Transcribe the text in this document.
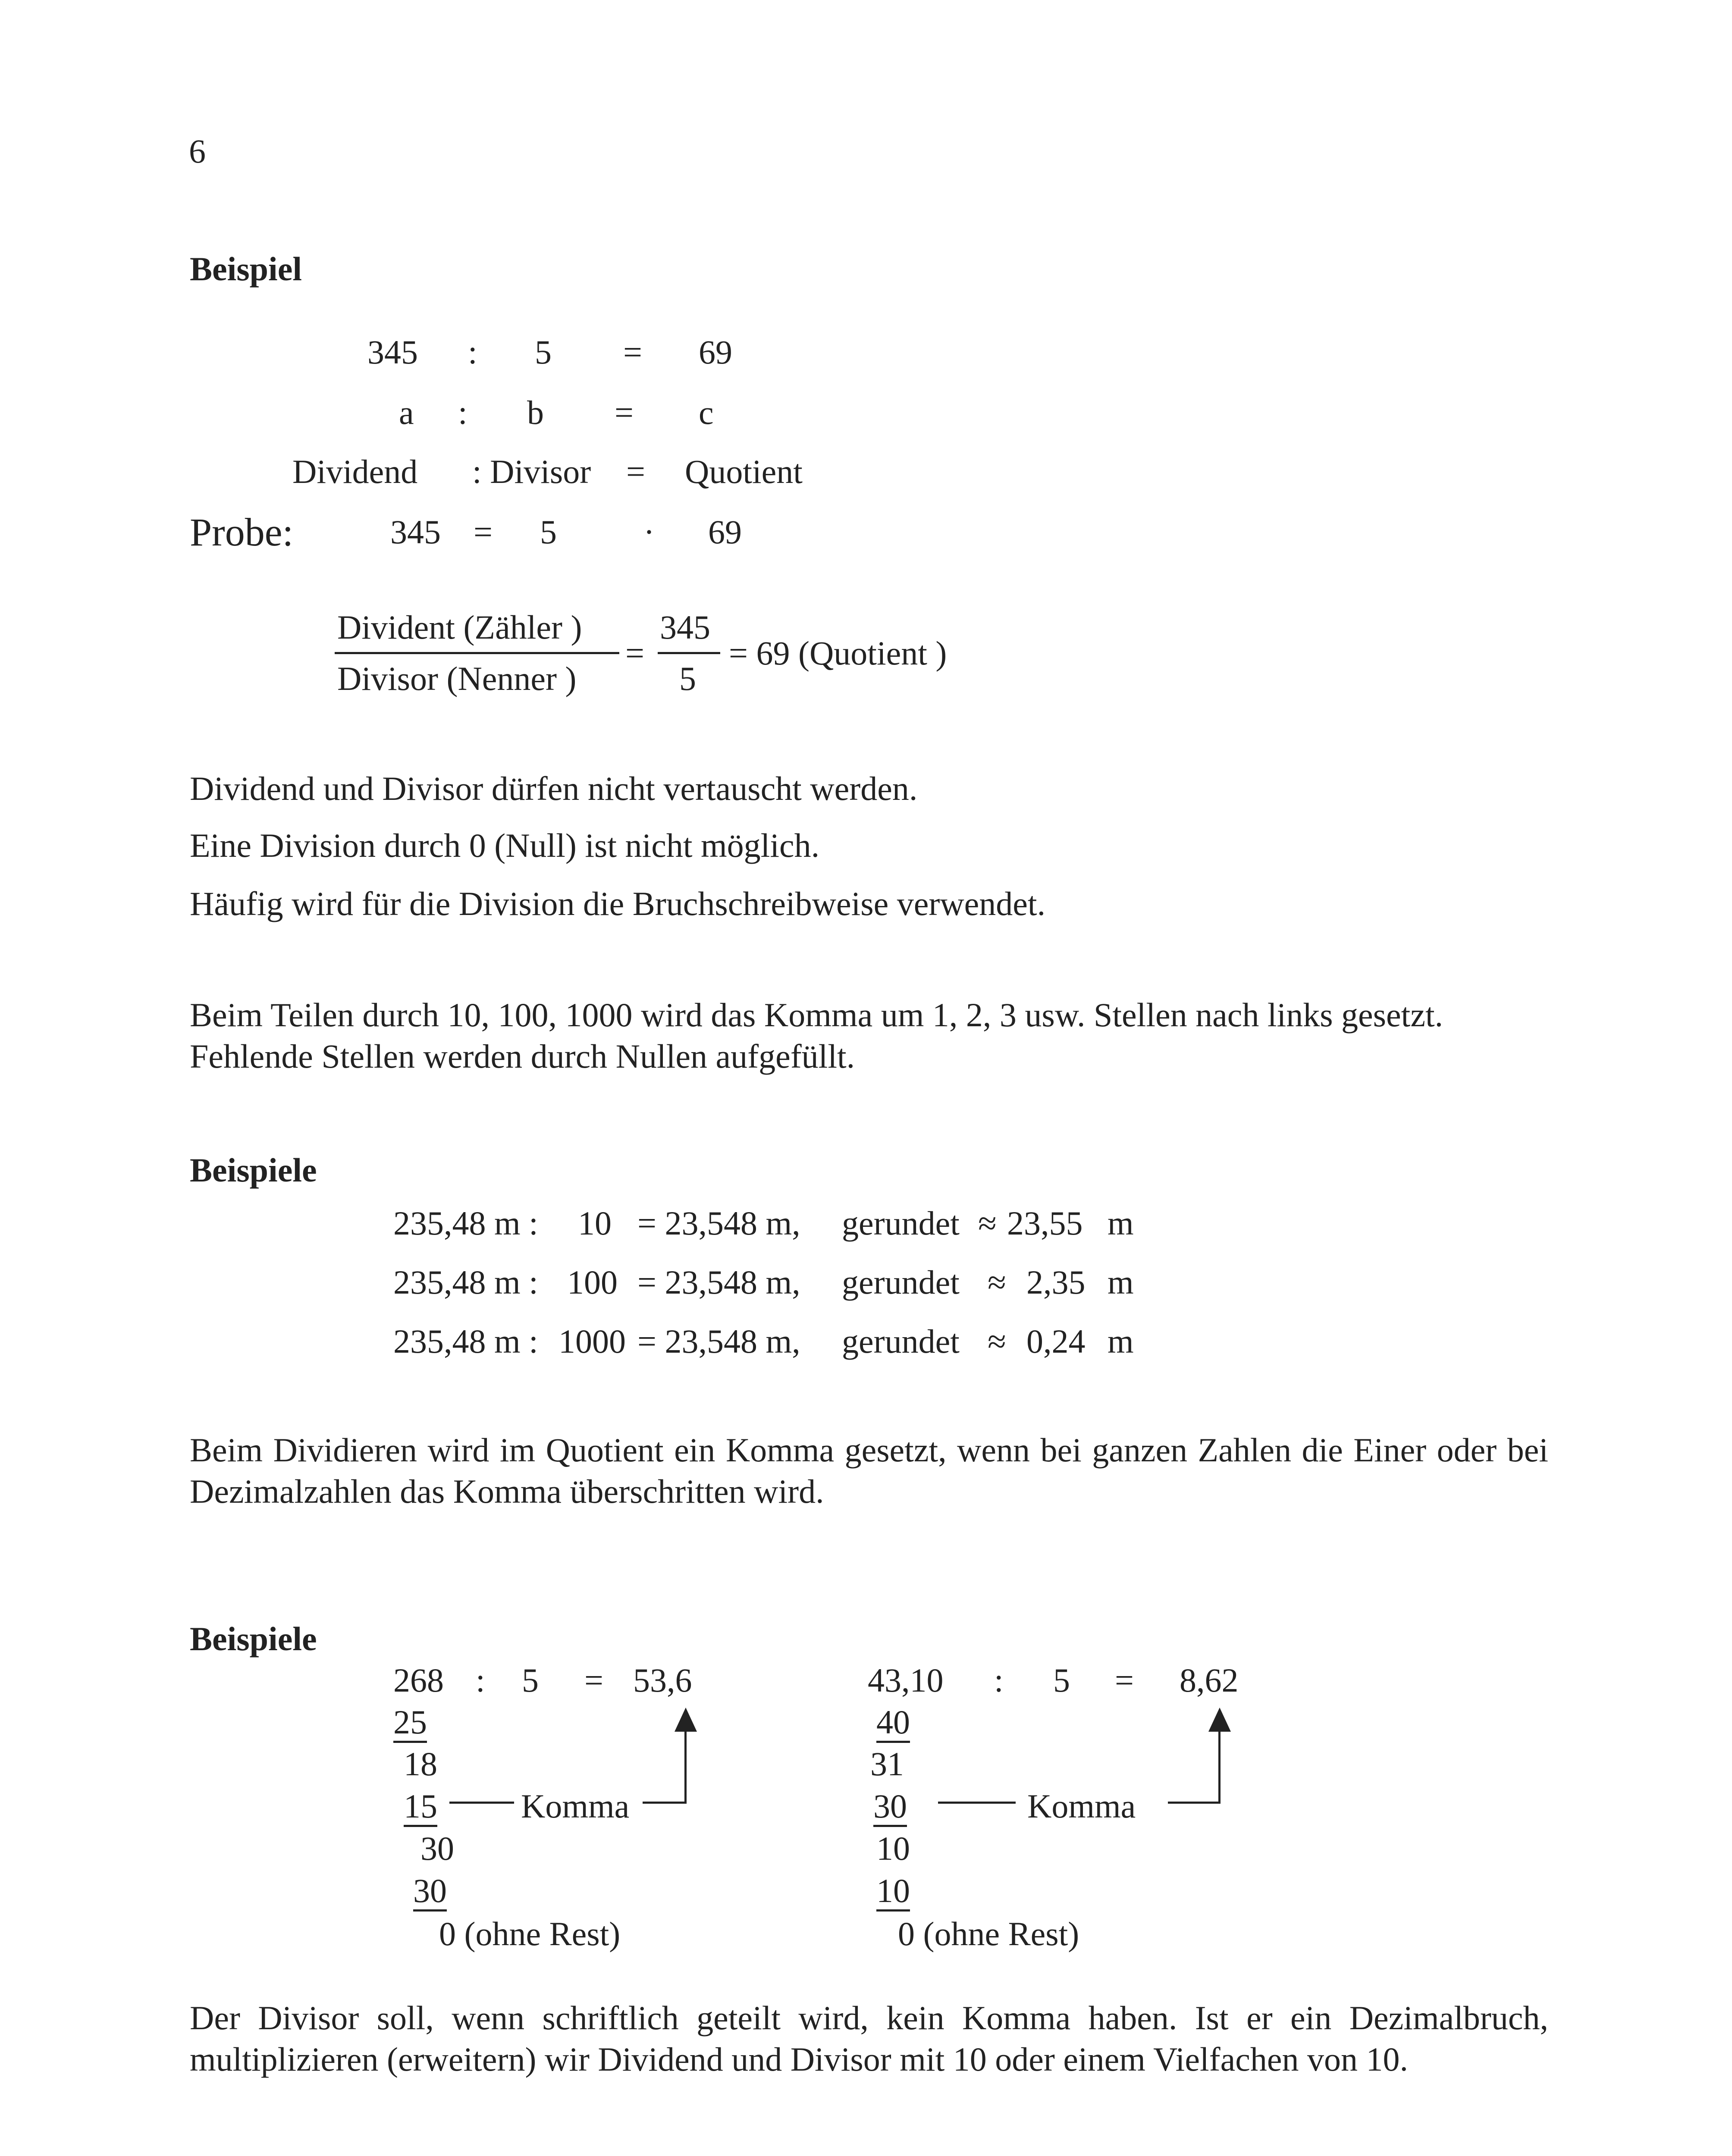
6
Beispiel
345 : 5 = 69
a : b = c
Dividend : Divisor = Quotient
Probe:	345 = 5	· 69
Divident (Zähler )
Divisor (Nenner )
=
345
5
= 69 (Quotient )
Dividend und Divisor dürfen nicht vertauscht werden.
Eine Division durch 0 (Null) ist nicht möglich.
Häufig wird für die Division die Bruchschreibweise verwendet.
Beim Teilen durch 10, 100, 1000 wird das Komma um 1, 2, 3 usw. Stellen nach links gesetzt.
Fehlende Stellen werden durch Nullen aufgefüllt.
Beispiele
235,48 m : 10 = 23,548 m, gerundet ≈ 23,55 m
235,48 m : 100 = 23,548 m, gerundet ≈ 2,35 m
235,48 m : 1000 = 23,548 m, gerundet ≈ 0,24 m
Beim Dividieren wird im Quotient ein Komma gesetzt, wenn bei ganzen Zahlen die Einer oder bei Dezimalzahlen das Komma überschritten wird.
Beispiele
268 : 5 = 53,6
25
18
15
30
30
0 (ohne Rest)
Komma
43,10 : 5 = 8,62
40
31
30
10
10
0 (ohne Rest)
Komma
Der Divisor soll, wenn schriftlich geteilt wird, kein Komma haben. Ist er ein Dezimalbruch, multiplizieren (erweitern) wir Dividend und Divisor mit 10 oder einem Vielfachen von 10.
